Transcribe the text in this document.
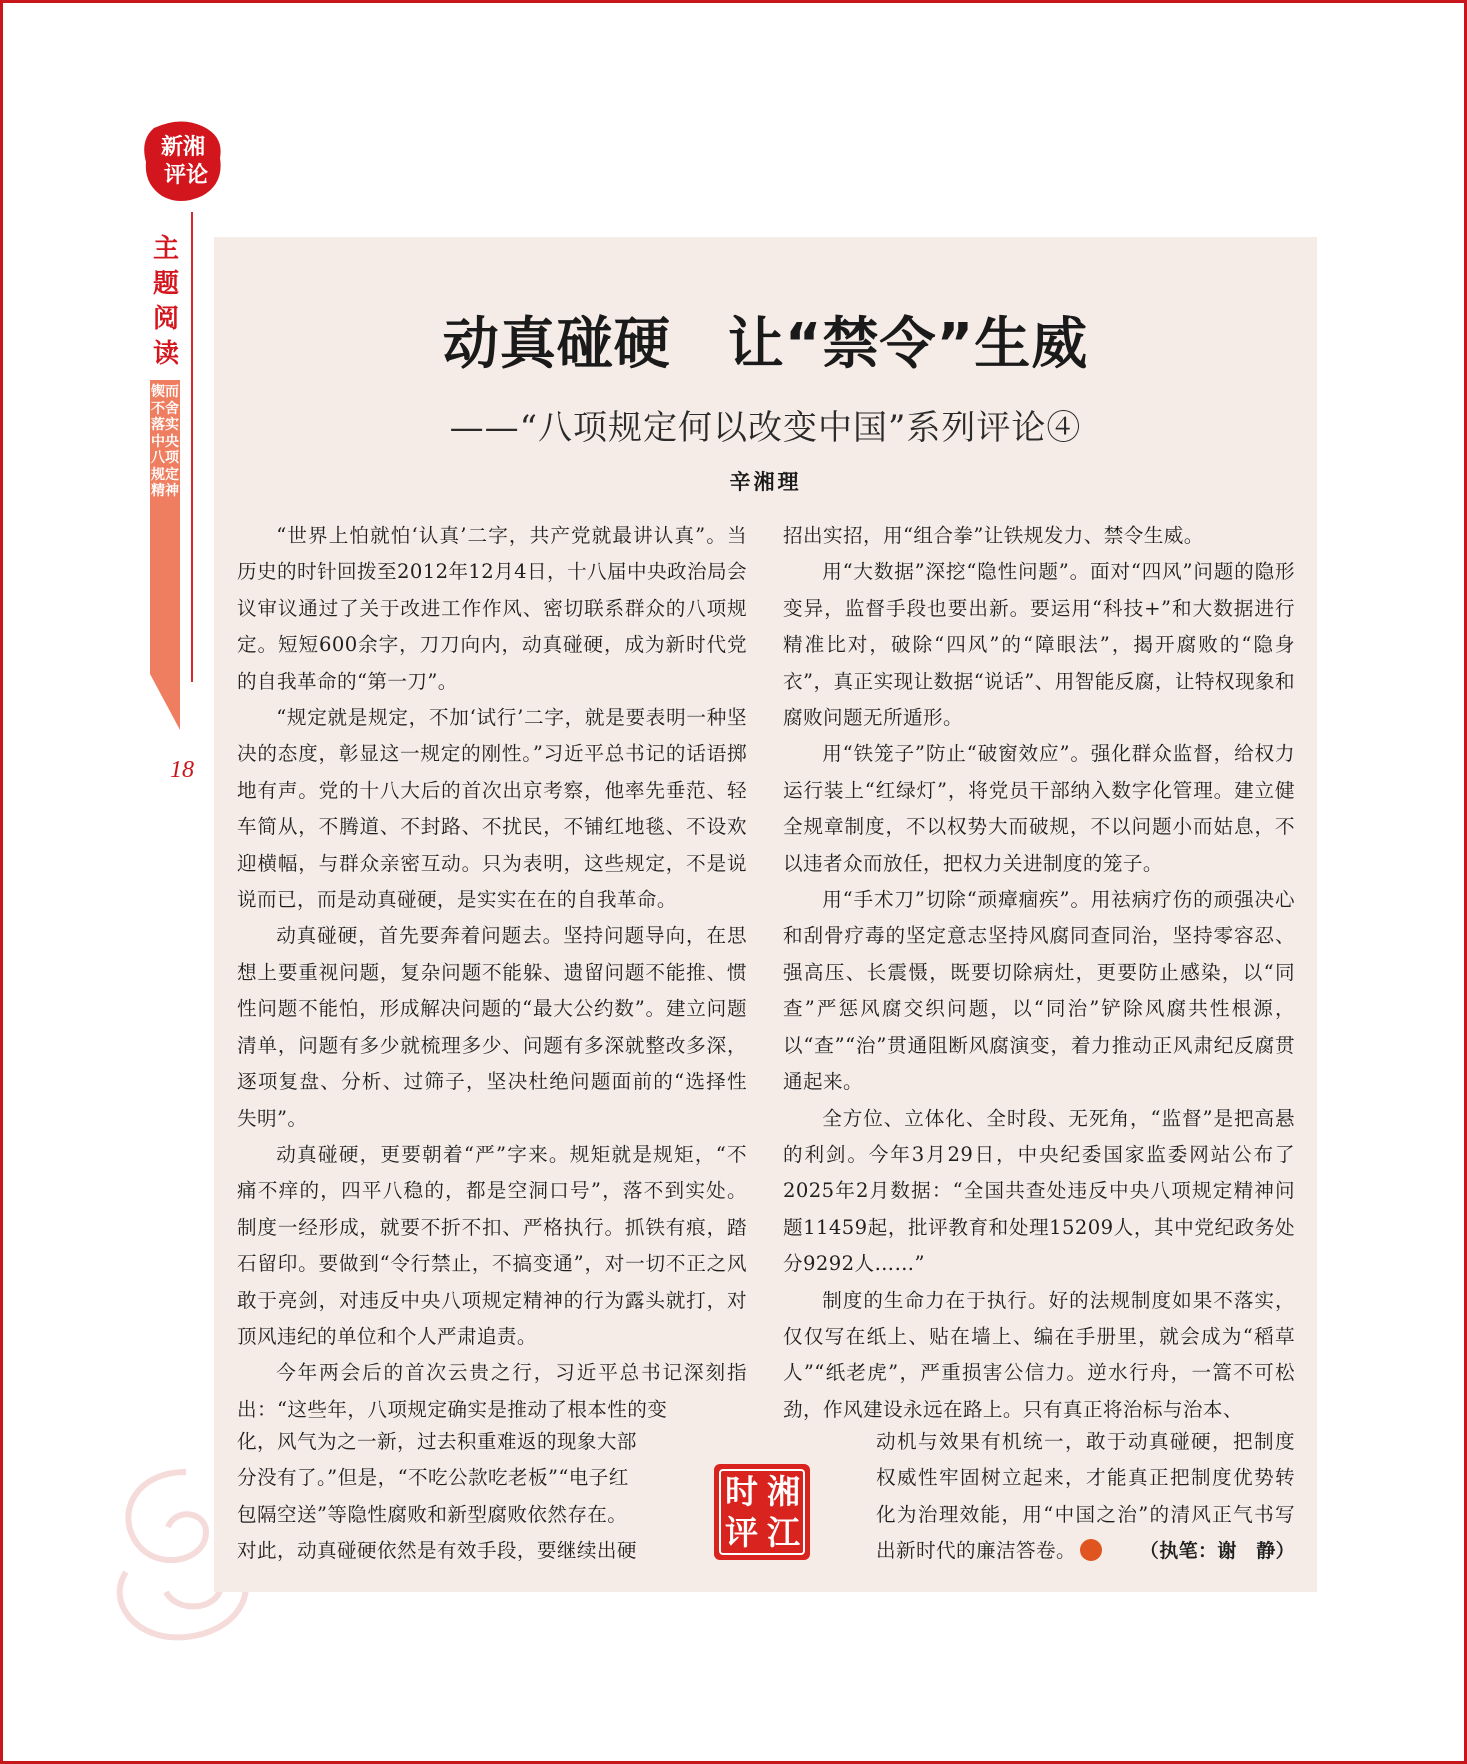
新湘
评论
主题阅读
锲而不舍落实中央八项规定精神
18
动真碰硬　让“禁令”生威
——“八项规定何以改变中国”系列评论④
辛湘理

“世界上怕就怕‘认真’二字，共产党就最讲认真”。当历史的时针回拨至2012年12月4日，十八届中央政治局会议审议通过了关于改进工作作风、密切联系群众的八项规定。短短600余字，刀刀向内，动真碰硬，成为新时代党的自我革命的“第一刀”。

“规定就是规定，不加‘试行’二字，就是要表明一种坚决的态度，彰显这一规定的刚性。”习近平总书记的话语掷地有声。党的十八大后的首次出京考察，他率先垂范、轻车简从，不腾道、不封路、不扰民，不铺红地毯、不设欢迎横幅，与群众亲密互动。只为表明，这些规定，不是说说而已，而是动真碰硬，是实实在在的自我革命。

动真碰硬，首先要奔着问题去。坚持问题导向，在思想上要重视问题，复杂问题不能躲、遗留问题不能推、惯性问题不能怕，形成解决问题的“最大公约数”。建立问题清单，问题有多少就梳理多少、问题有多深就整改多深，逐项复盘、分析、过筛子，坚决杜绝问题面前的“选择性失明”。

动真碰硬，更要朝着“严”字来。规矩就是规矩，“不痛不痒的，四平八稳的，都是空洞口号”，落不到实处。制度一经形成，就要不折不扣、严格执行。抓铁有痕，踏石留印。要做到“令行禁止，不搞变通”，对一切不正之风敢于亮剑，对违反中央八项规定精神的行为露头就打，对顶风违纪的单位和个人严肃追责。

今年两会后的首次云贵之行，习近平总书记深刻指出：“这些年，八项规定确实是推动了根本性的变

化，风气为之一新，过去积重难返的现象大部

分没有了。”但是，“不吃公款吃老板”“电子红

包隔空送”等隐性腐败和新型腐败依然存在。

对此，动真碰硬依然是有效手段，要继续出硬

招出实招，用“组合拳”让铁规发力、禁令生威。

用“大数据”深挖“隐性问题”。面对“四风”问题的隐形变异，监督手段也要出新。要运用“科技+”和大数据进行精准比对，破除“四风”的“障眼法”，揭开腐败的“隐身衣”，真正实现让数据“说话”、用智能反腐，让特权现象和腐败问题无所遁形。

用“铁笼子”防止“破窗效应”。强化群众监督，给权力运行装上“红绿灯”，将党员干部纳入数字化管理。建立健全规章制度，不以权势大而破规，不以问题小而姑息，不以违者众而放任，把权力关进制度的笼子。

用“手术刀”切除“顽瘴痼疾”。用祛病疗伤的顽强决心和刮骨疗毒的坚定意志坚持风腐同查同治，坚持零容忍、强高压、长震慑，既要切除病灶，更要防止感染，以“同查”严惩风腐交织问题，以“同治”铲除风腐共性根源，以“查”“治”贯通阻断风腐演变，着力推动正风肃纪反腐贯通起来。

全方位、立体化、全时段、无死角，“监督”是把高悬的利剑。今年3月29日，中央纪委国家监委网站公布了2025年2月数据：“全国共查处违反中央八项规定精神问题11459起，批评教育和处理15209人，其中党纪政务处分9292人……”

制度的生命力在于执行。好的法规制度如果不落实，仅仅写在纸上、贴在墙上、编在手册里，就会成为“稻草人”“纸老虎”，严重损害公信力。逆水行舟，一篙不可松劲，作风建设永远在路上。只有真正将治标与治本、

动机与效果有机统一，敢于动真碰硬，把制度权威性牢固树立起来，才能真正把制度优势转化为治理效能，用“中国之治”的清风正气书写出新时代的廉洁答卷。	（执笔：谢　静）

湘
时
江
评
